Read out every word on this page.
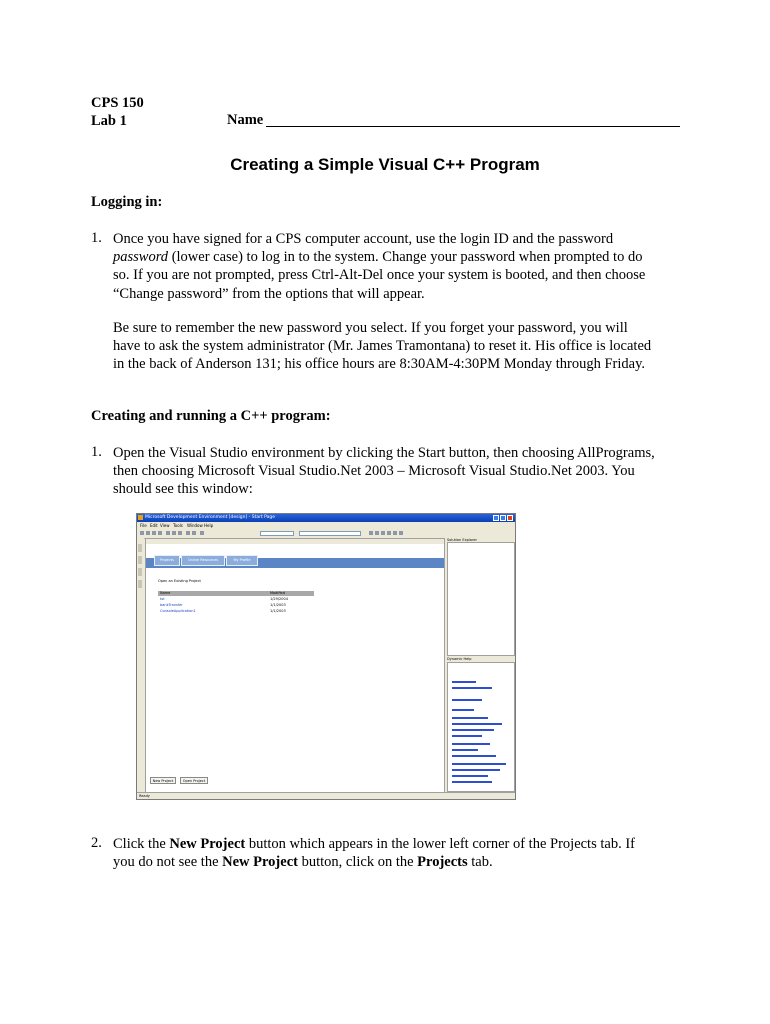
CPS 150
Lab 1	Name
Creating a Simple Visual C++ Program
Logging in:
1. Once you have signed for a CPS computer account, use the login ID and the password
password (lower case) to log in to the system. Change your password when prompted to do
so. If you are not prompted, press Ctrl-Alt-Del once your system is booted, and then choose
“Change password” from the options that will appear.
Be sure to remember the new password you select. If you forget your password, you will
have to ask the system administrator (Mr. James Tramontana) to reset it. His office is located
in the back of Anderson 131; his office hours are 8:30AM-4:30PM Monday through Friday.
Creating and running a C++ program:
1. Open the Visual Studio environment by clicking the Start button, then choosing AllPrograms,
then choosing Microsoft Visual Studio.Net 2003 – Microsoft Visual Studio.Net 2003. You
should see this window:
Microsoft Development Environment [design] - Start Page
File Edit View Tools Window Help
Projects	Online Resources	My Profile
Open an Existing Project
Name	Modified
tst	1/29/2004
bankTransfer	1/1/2003
ConsoleApplication1	1/1/2003
New Project	Open Project
Solution Explorer
Dynamic Help
Ready
2. Click the New Project button which appears in the lower left corner of the Projects tab. If
you do not see the New Project button, click on the Projects tab.
